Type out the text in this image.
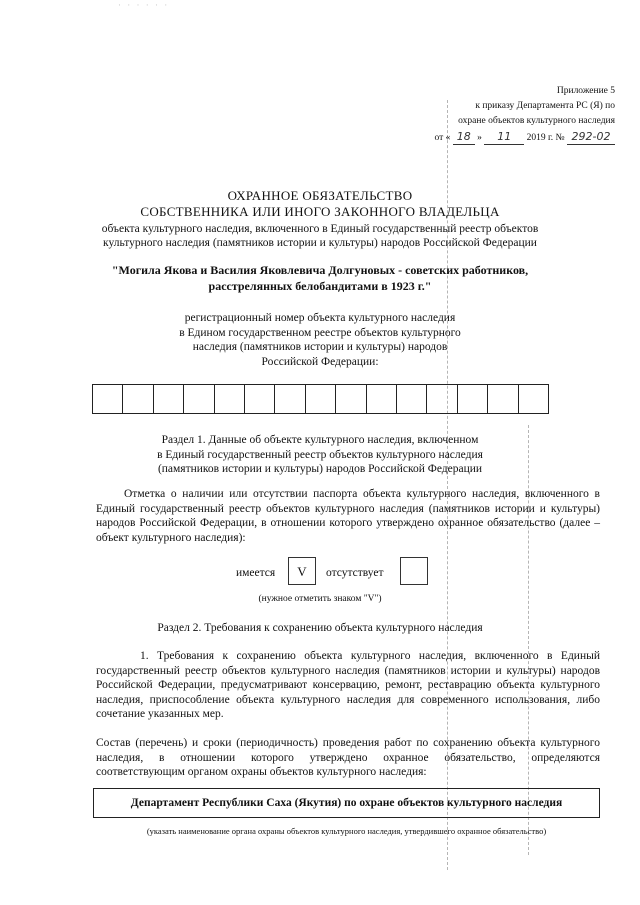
· · · · · ·
Приложение 5
к приказу Департамента РС (Я) по
охране объектов культурного наследия
от « 18 » 11 2019 г. № 292-02
ОХРАННОЕ ОБЯЗАТЕЛЬСТВО
СОБСТВЕННИКА ИЛИ ИНОГО ЗАКОННОГО ВЛАДЕЛЬЦА
объекта культурного наследия, включенного в Единый государственный реестр объектов
культурного наследия (памятников истории и культуры) народов Российской Федерации
"Могила Якова и Василия Яковлевича Долгуновых - советских работников,
расстрелянных белобандитами в 1923 г."
регистрационный номер объекта культурного наследия
в Едином государственном реестре объектов культурного
наследия (памятников истории и культуры) народов
Российской Федерации:
Раздел 1. Данные об объекте культурного наследия, включенном
в Единый государственный реестр объектов культурного наследия
(памятников истории и культуры) народов Российской Федерации
Отметка о наличии или отсутствии паспорта объекта культурного наследия, включенного в Единый государственный реестр объектов культурного наследия (памятников истории и культуры) народов Российской Федерации, в отношении которого утверждено охранное обязательство (далее – объект культурного наследия):
имеется	V	отсутствует
(нужное отметить знаком "V")
Раздел 2. Требования к сохранению объекта культурного наследия
1. Требования к сохранению объекта культурного наследия, включенного в Единый государственный реестр объектов культурного наследия (памятников истории и культуры) народов Российской Федерации, предусматривают консервацию, ремонт, реставрацию объекта культурного наследия, приспособление объекта культурного наследия для современного использования, либо сочетание указанных мер.
Состав (перечень) и сроки (периодичность) проведения работ по сохранению объекта культурного наследия, в отношении которого утверждено охранное обязательство, определяются соответствующим органом охраны объектов культурного наследия:
Департамент Республики Саха (Якутия) по охране объектов культурного наследия
(указать наименование органа охраны объектов культурного наследия, утвердившего охранное обязательство)
